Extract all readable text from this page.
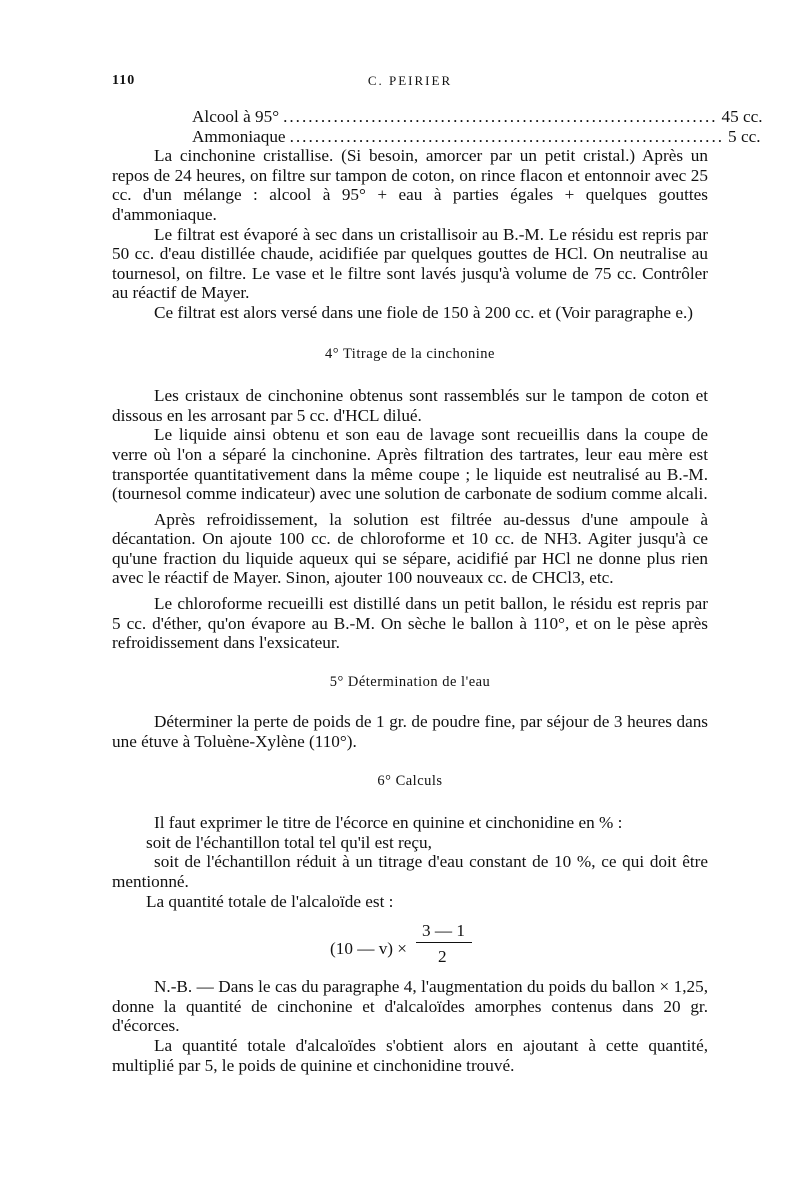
110	C. PEIRIER
Alcool à 95° ..................................................................... 45 cc.
Ammoniaque ..................................................................... 5 cc.

La cinchonine cristallise. (Si besoin, amorcer par un petit cristal.) Après un repos de 24 heures, on filtre sur tampon de coton, on rince flacon et entonnoir avec 25 cc. d'un mélange : alcool à 95° + eau à parties égales + quelques gouttes d'ammoniaque.

Le filtrat est évaporé à sec dans un cristallisoir au B.-M. Le résidu est repris par 50 cc. d'eau distillée chaude, acidifiée par quelques gouttes de HCl. On neutralise au tournesol, on filtre. Le vase et le filtre sont lavés jusqu'à volume de 75 cc. Contrôler au réactif de Mayer.

Ce filtrat est alors versé dans une fiole de 150 à 200 cc. et (Voir paragraphe e.)

4° Titrage de la cinchonine

Les cristaux de cinchonine obtenus sont rassemblés sur le tampon de coton et dissous en les arrosant par 5 cc. d'HCL dilué.

Le liquide ainsi obtenu et son eau de lavage sont recueillis dans la coupe de verre où l'on a séparé la cinchonine. Après filtration des tartrates, leur eau mère est transportée quantitativement dans la même coupe ; le liquide est neutralisé au B.-M. (tournesol comme indicateur) avec une solution de carbonate de sodium comme alcali.

Après refroidissement, la solution est filtrée au-dessus d'une ampoule à décantation. On ajoute 100 cc. de chloroforme et 10 cc. de NH3. Agiter jusqu'à ce qu'une fraction du liquide aqueux qui se sépare, acidifié par HCl ne donne plus rien avec le réactif de Mayer. Sinon, ajouter 100 nouveaux cc. de CHCl3, etc.

Le chloroforme recueilli est distillé dans un petit ballon, le résidu est repris par 5 cc. d'éther, qu'on évapore au B.-M. On sèche le ballon à 110°, et on le pèse après refroidissement dans l'exsicateur.

5° Détermination de l'eau

Déterminer la perte de poids de 1 gr. de poudre fine, par séjour de 3 heures dans une étuve à Toluène-Xylène (110°).

6° Calculs

Il faut exprimer le titre de l'écorce en quinine et cinchonidine en % :

soit de l'échantillon total tel qu'il est reçu,

soit de l'échantillon réduit à un titrage d'eau constant de 10 %, ce qui doit être mentionné.

La quantité totale de l'alcaloïde est :

(10 — v) ×
3 — 1
2

N.-B. — Dans le cas du paragraphe 4, l'augmentation du poids du ballon × 1,25, donne la quantité de cinchonine et d'alcaloïdes amorphes contenus dans 20 gr. d'écorces.

La quantité totale d'alcaloïdes s'obtient alors en ajoutant à cette quantité, multiplié par 5, le poids de quinine et cinchonidine trouvé.
